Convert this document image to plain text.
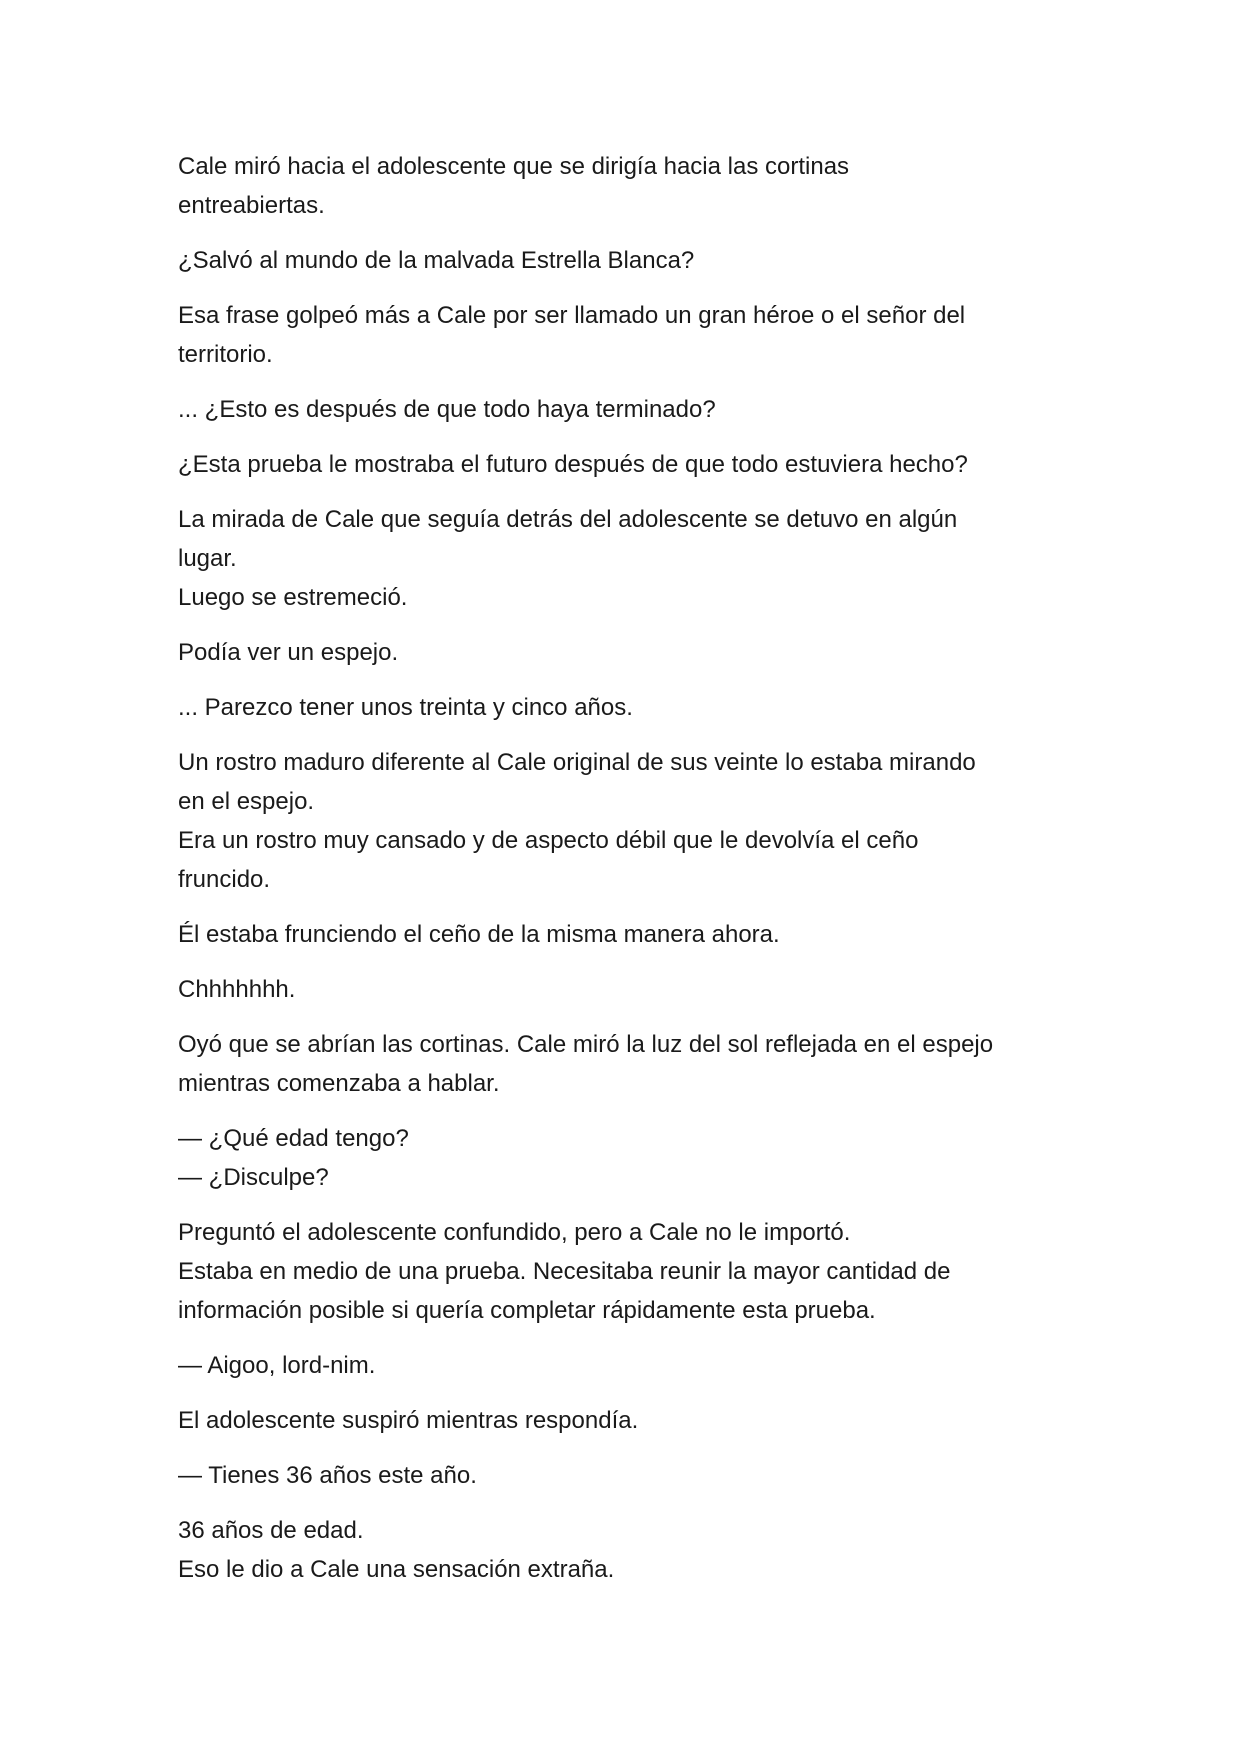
Cale miró hacia el adolescente que se dirigía hacia las cortinas
entreabiertas.

¿Salvó al mundo de la malvada Estrella Blanca?

Esa frase golpeó más a Cale por ser llamado un gran héroe o el señor del
territorio.

... ¿Esto es después de que todo haya terminado?

¿Esta prueba le mostraba el futuro después de que todo estuviera hecho?

La mirada de Cale que seguía detrás del adolescente se detuvo en algún
lugar.
Luego se estremeció.

Podía ver un espejo.

... Parezco tener unos treinta y cinco años.

Un rostro maduro diferente al Cale original de sus veinte lo estaba mirando
en el espejo.
Era un rostro muy cansado y de aspecto débil que le devolvía el ceño
fruncido.

Él estaba frunciendo el ceño de la misma manera ahora.

Chhhhhhh.

Oyó que se abrían las cortinas. Cale miró la luz del sol reflejada en el espejo
mientras comenzaba a hablar.

— ¿Qué edad tengo?
— ¿Disculpe?

Preguntó el adolescente confundido, pero a Cale no le importó.
Estaba en medio de una prueba. Necesitaba reunir la mayor cantidad de
información posible si quería completar rápidamente esta prueba.

— Aigoo, lord-nim.

El adolescente suspiró mientras respondía.

— Tienes 36 años este año.

36 años de edad.
Eso le dio a Cale una sensación extraña.
